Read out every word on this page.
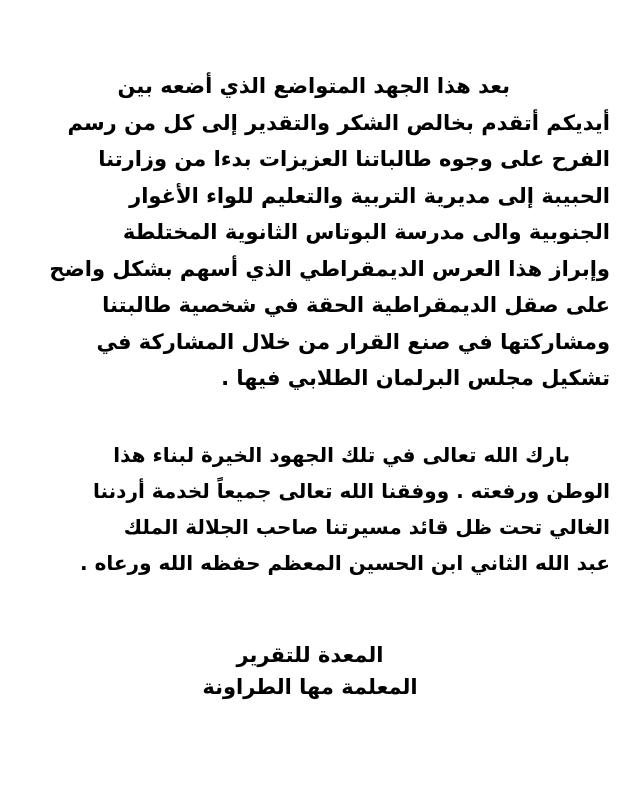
بعد هذا الجهد المتواضع الذي أضعه بين
أيديكم أتقدم بخالص الشكر والتقدير إلى كل من رسم
الفرح على وجوه طالباتنا العزيزات بدءا من وزارتنا
الحبيبة إلى مديرية التربية والتعليم للواء الأغوار
الجنوبية والى مدرسة البوتاس الثانوية المختلطة
وإبراز هذا العرس الديمقراطي الذي أسهم بشكل واضح
على صقل الديمقراطية الحقة في شخصية طالبتنا
ومشاركتها في صنع القرار من خلال المشاركة في
تشكيل مجلس البرلمان الطلابي فيها .
بارك الله تعالى في تلك الجهود الخيرة لبناء هذا
الوطن ورفعته . ووفقنا الله تعالى جميعاً لخدمة أردننا
الغالي تحت ظل قائد مسيرتنا صاحب الجلالة الملك
عبد الله الثاني ابن الحسين المعظم حفظه الله ورعاه .
المعدة للتقرير
المعلمة مها الطراونة
